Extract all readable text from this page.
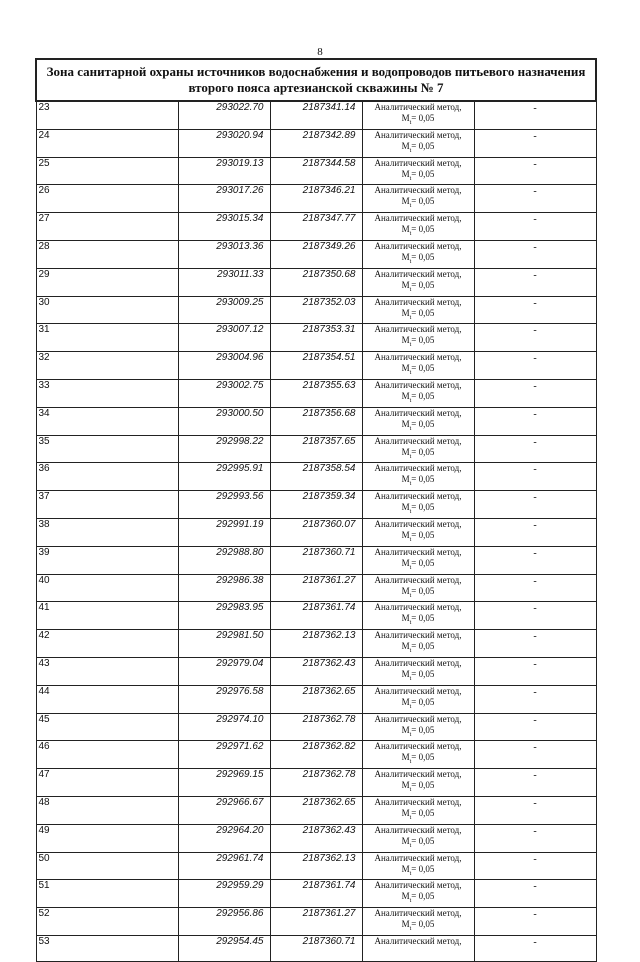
8
Зона санитарной охраны источников водоснабжения и водопроводов питьевого назначения второго пояса артезианской скважины № 7				
23	293022.70	2187341.14	Аналитический метод,
$M_t= 0,05$	-
24	293020.94	2187342.89	Аналитический метод,
$M_t= 0,05$	-
25	293019.13	2187344.58	Аналитический метод,
$M_t= 0,05$	-
26	293017.26	2187346.21	Аналитический метод,
$M_t= 0,05$	-
27	293015.34	2187347.77	Аналитический метод,
$M_t= 0,05$	-
28	293013.36	2187349.26	Аналитический метод,
$M_t= 0,05$	-
29	293011.33	2187350.68	Аналитический метод,
$M_t= 0,05$	-
30	293009.25	2187352.03	Аналитический метод,
$M_t= 0,05$	-
31	293007.12	2187353.31	Аналитический метод,
$M_t= 0,05$	-
32	293004.96	2187354.51	Аналитический метод,
$M_t= 0,05$	-
33	293002.75	2187355.63	Аналитический метод,
$M_t= 0,05$	-
34	293000.50	2187356.68	Аналитический метод,
$M_t= 0,05$	-
35	292998.22	2187357.65	Аналитический метод,
$M_t= 0,05$	-
36	292995.91	2187358.54	Аналитический метод,
$M_t= 0,05$	-
37	292993.56	2187359.34	Аналитический метод,
$M_t= 0,05$	-
38	292991.19	2187360.07	Аналитический метод,
$M_t= 0,05$	-
39	292988.80	2187360.71	Аналитический метод,
$M_t= 0,05$	-
40	292986.38	2187361.27	Аналитический метод,
$M_t= 0,05$	-
41	292983.95	2187361.74	Аналитический метод,
$M_t= 0,05$	-
42	292981.50	2187362.13	Аналитический метод,
$M_t= 0,05$	-
43	292979.04	2187362.43	Аналитический метод,
$M_t= 0,05$	-
44	292976.58	2187362.65	Аналитический метод,
$M_t= 0,05$	-
45	292974.10	2187362.78	Аналитический метод,
$M_t= 0,05$	-
46	292971.62	2187362.82	Аналитический метод,
$M_t= 0,05$	-
47	292969.15	2187362.78	Аналитический метод,
$M_t= 0,05$	-
48	292966.67	2187362.65	Аналитический метод,
$M_t= 0,05$	-
49	292964.20	2187362.43	Аналитический метод,
$M_t= 0,05$	-
50	292961.74	2187362.13	Аналитический метод,
$M_t= 0,05$	-
51	292959.29	2187361.74	Аналитический метод,
$M_t= 0,05$	-
52	292956.86	2187361.27	Аналитический метод,
$M_t= 0,05$	-
53	292954.45	2187360.71	Аналитический метод,	-
